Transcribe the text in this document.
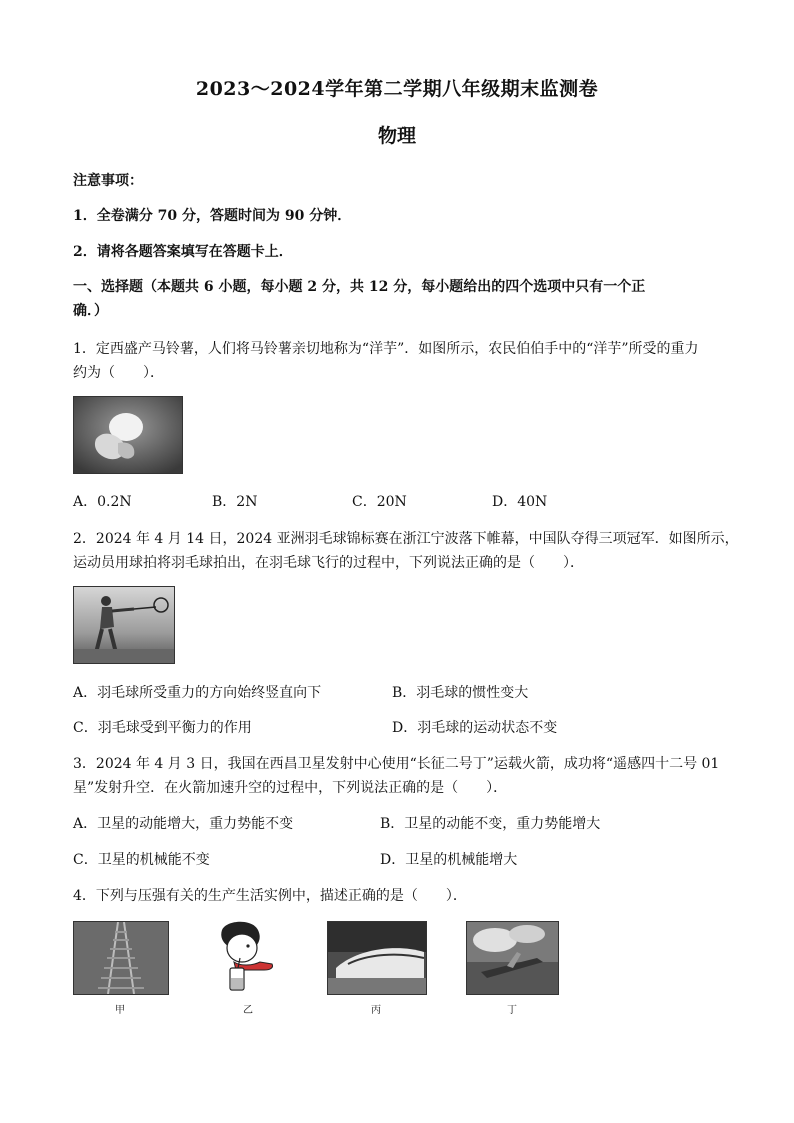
2023～2024学年第二学期八年级期末监测卷
物理
注意事项：
1．全卷满分 70 分，答题时间为 90 分钟．
2．请将各题答案填写在答题卡上．
一、选择题（本题共 6 小题，每小题 2 分，共 12 分，每小题给出的四个选项中只有一个正
确．）
1．定西盛产马铃薯，人们将马铃薯亲切地称为“洋芋”．如图所示，农民伯伯手中的“洋芋”所受的重力
约为（　　）．
A．0.2N	B．2N	C．20N	D．40N
2．2024 年 4 月 14 日，2024 亚洲羽毛球锦标赛在浙江宁波落下帷幕，中国队夺得三项冠军．如图所示，
运动员用球拍将羽毛球拍出，在羽毛球飞行的过程中，下列说法正确的是（　　）．
A．羽毛球所受重力的方向始终竖直向下	B．羽毛球的惯性变大
C．羽毛球受到平衡力的作用	D．羽毛球的运动状态不变
3．2024 年 4 月 3 日，我国在西昌卫星发射中心使用“长征二号丁”运载火箭，成功将“遥感四十二号 01
星”发射升空．在火箭加速升空的过程中，下列说法正确的是（　　）．
A．卫星的动能增大，重力势能不变	B．卫星的动能不变，重力势能增大
C．卫星的机械能不变	D．卫星的机械能增大
4．下列与压强有关的生产生活实例中，描述正确的是（　　）．
甲	乙	丙	丁
